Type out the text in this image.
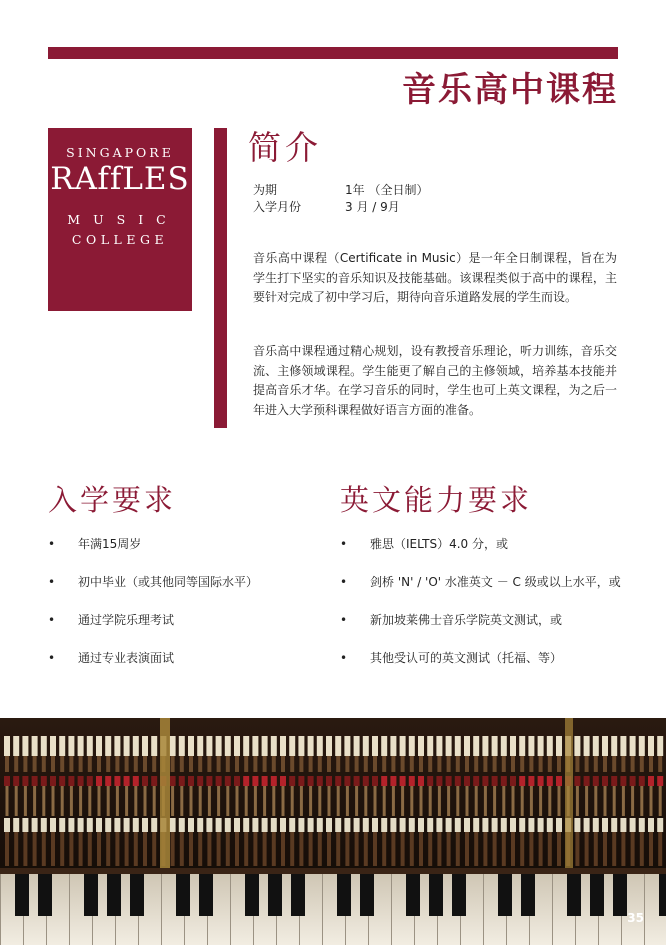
音乐高中课程
SINGAPORE
RAffLES
MUSIC
COLLEGE
简介
为期	1年 （全日制）
入学月份	3 月 / 9月

音乐高中课程（Certificate in Music）是一年全日制课程，旨在为学生打下坚实的音乐知识及技能基础。该课程类似于高中的课程，主要针对完成了初中学习后，期待向音乐道路发展的学生而设。

音乐高中课程通过精心规划，设有教授音乐理论，听力训练，音乐交流、主修领域课程。学生能更了解自己的主修领域，培养基本技能并提高音乐才华。在学习音乐的同时，学生也可上英文课程，为之后一年进入大学预科课程做好语言方面的准备。

入学要求	英文能力要求
• 年满15周岁
• 初中毕业（或其他同等国际水平）
• 通过学院乐理考试
• 通过专业表演面试
• 雅思（IELTS）4.0 分，或
• 剑桥 'N' / 'O' 水准英文 － C 级或以上水平，或
• 新加坡莱佛士音乐学院英文测试，或
• 其他受认可的英文测试（托福、等）
35
